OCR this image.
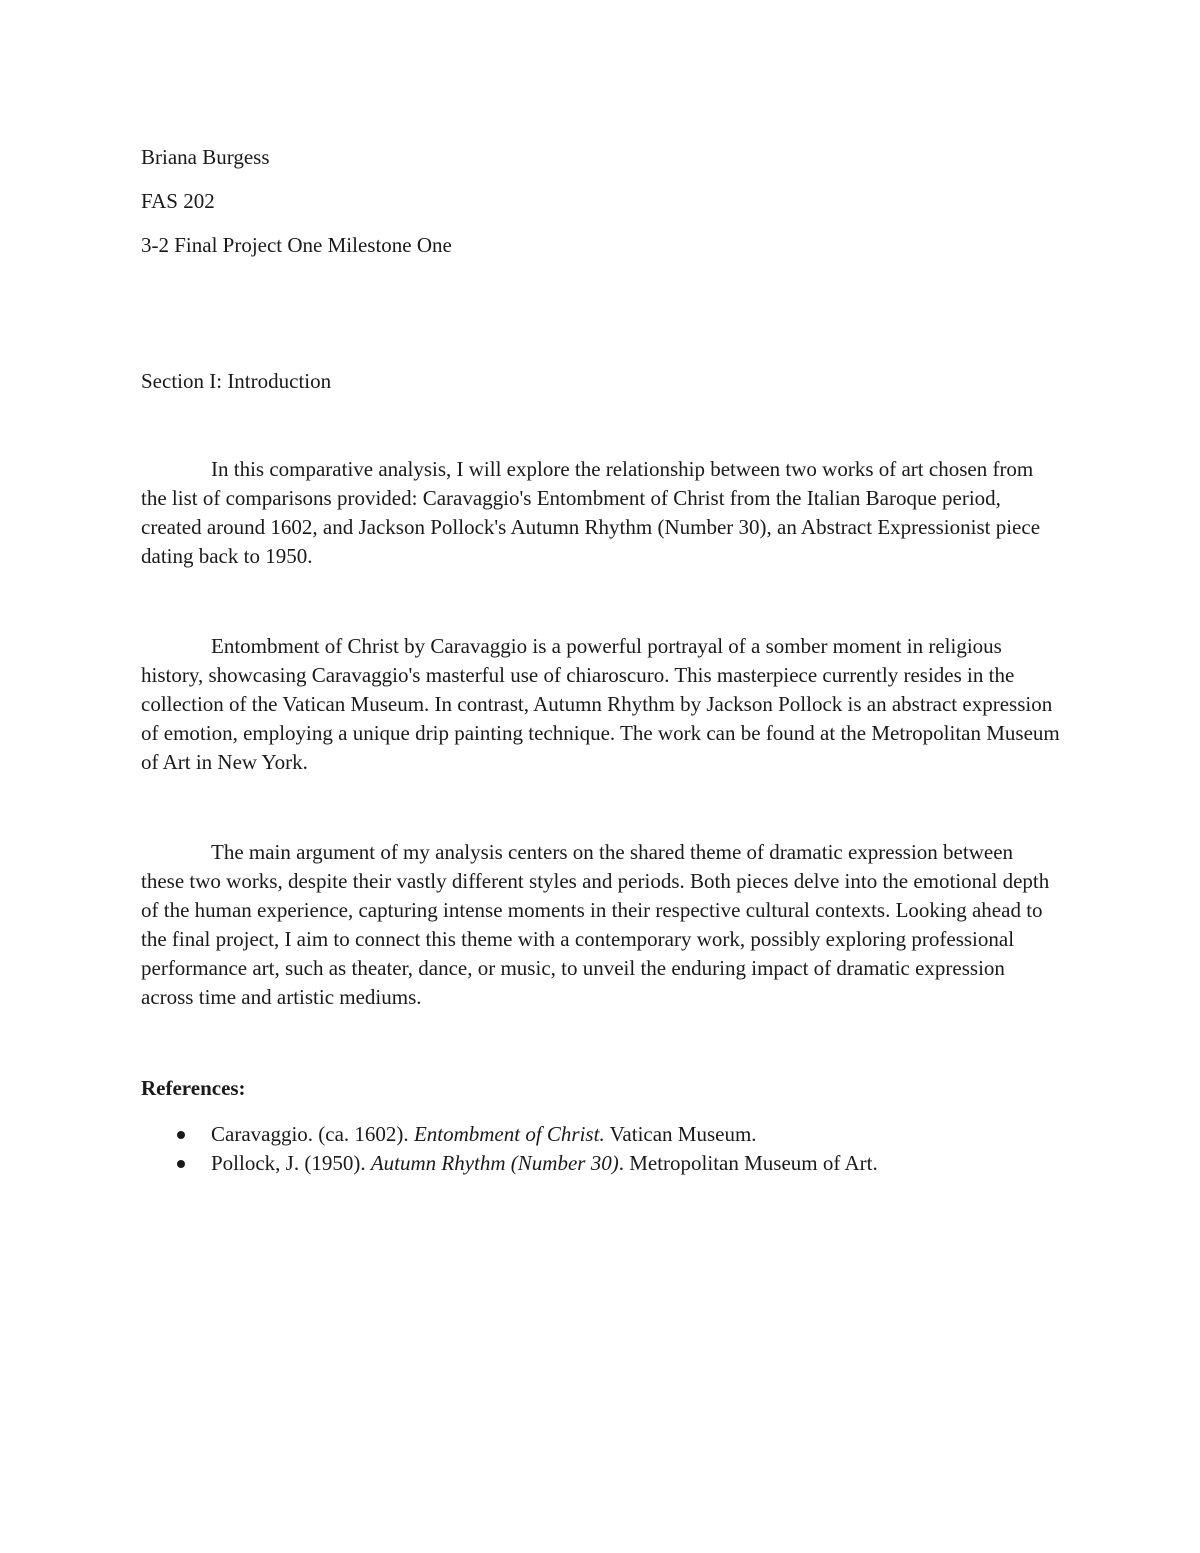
Briana Burgess
FAS 202
3-2 Final Project One Milestone One
Section I: Introduction

In this comparative analysis, I will explore the relationship between two works of art chosen from the list of comparisons provided: Caravaggio's Entombment of Christ from the Italian Baroque period, created around 1602, and Jackson Pollock's Autumn Rhythm (Number 30), an Abstract Expressionist piece dating back to 1950.

Entombment of Christ by Caravaggio is a powerful portrayal of a somber moment in religious history, showcasing Caravaggio's masterful use of chiaroscuro. This masterpiece currently resides in the collection of the Vatican Museum. In contrast, Autumn Rhythm by Jackson Pollock is an abstract expression of emotion, employing a unique drip painting technique. The work can be found at the Metropolitan Museum of Art in New York.

The main argument of my analysis centers on the shared theme of dramatic expression between these two works, despite their vastly different styles and periods. Both pieces delve into the emotional depth of the human experience, capturing intense moments in their respective cultural contexts. Looking ahead to the final project, I aim to connect this theme with a contemporary work, possibly exploring professional performance art, such as theater, dance, or music, to unveil the enduring impact of dramatic expression across time and artistic mediums.

References:
Caravaggio. (ca. 1602). Entombment of Christ. Vatican Museum.
Pollock, J. (1950). Autumn Rhythm (Number 30). Metropolitan Museum of Art.
